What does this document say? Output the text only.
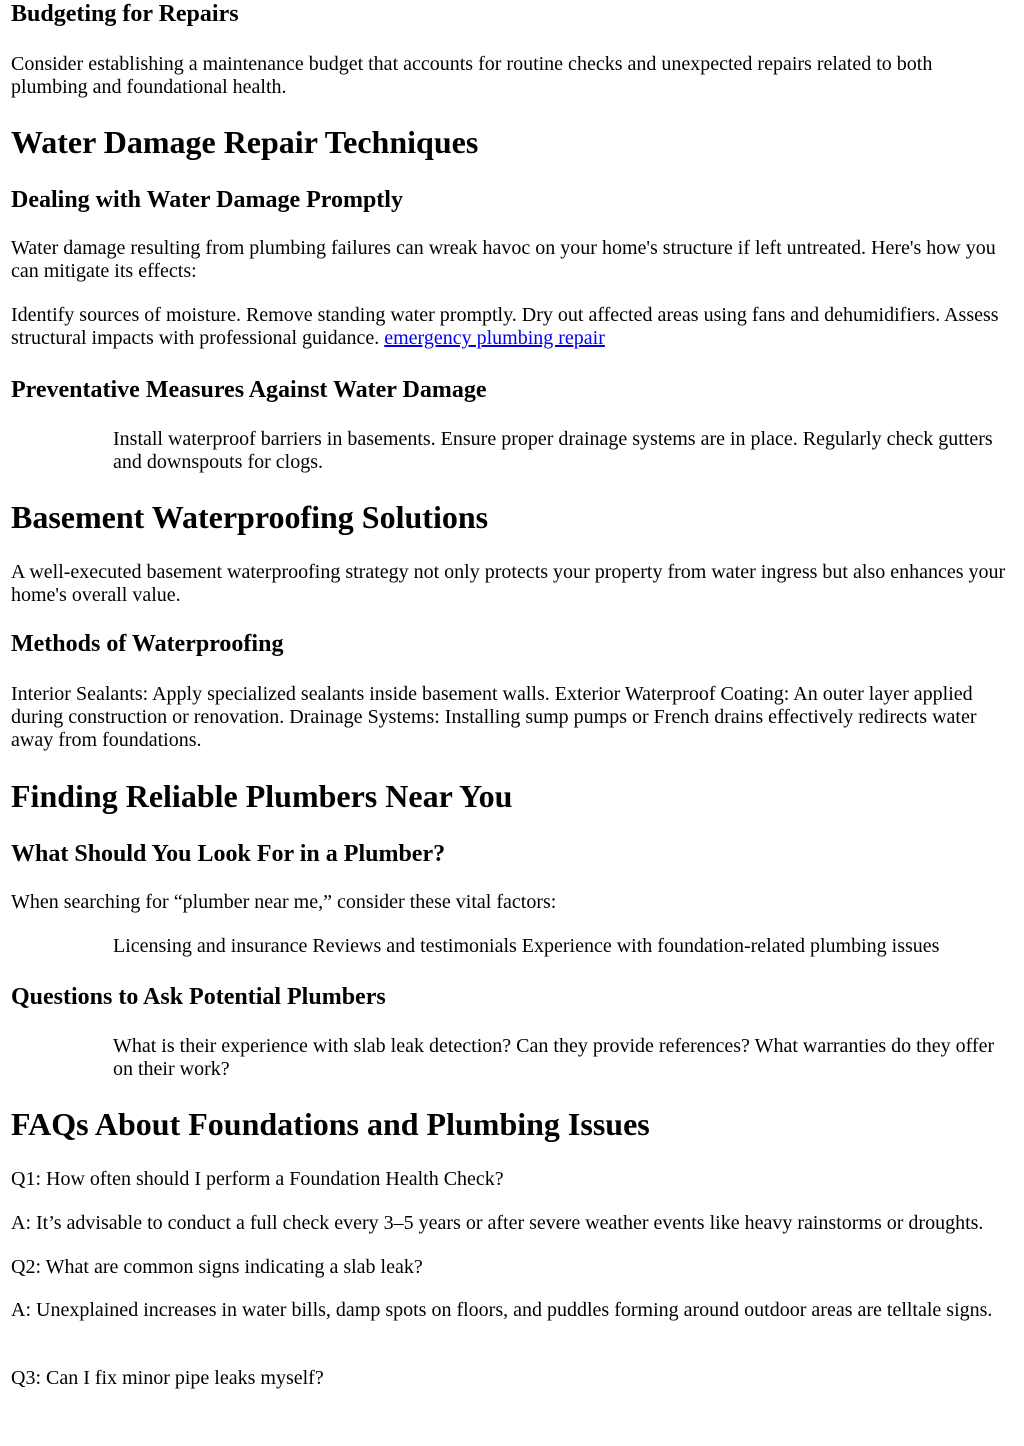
Budgeting for Repairs

Consider establishing a maintenance budget that accounts for routine checks and unexpected repairs related to both plumbing and foundational health.

Water Damage Repair Techniques
Dealing with Water Damage Promptly

Water damage resulting from plumbing failures can wreak havoc on your home's structure if left untreated. Here's how you can mitigate its effects:

Identify sources of moisture. Remove standing water promptly. Dry out affected areas using fans and dehumidifiers. Assess structural impacts with professional guidance. emergency plumbing repair

Preventative Measures Against Water Damage
Install waterproof barriers in basements. Ensure proper drainage systems are in place. Regularly check gutters and downspouts for clogs.
Basement Waterproofing Solutions

A well-executed basement waterproofing strategy not only protects your property from water ingress but also enhances your home's overall value.

Methods of Waterproofing

Interior Sealants: Apply specialized sealants inside basement walls. Exterior Waterproof Coating: An outer layer applied during construction or renovation. Drainage Systems: Installing sump pumps or French drains effectively redirects water away from foundations.

Finding Reliable Plumbers Near You
What Should You Look For in a Plumber?

When searching for “plumber near me,” consider these vital factors:

Licensing and insurance Reviews and testimonials Experience with foundation-related plumbing issues
Questions to Ask Potential Plumbers
What is their experience with slab leak detection? Can they provide references? What warranties do they offer on their work?
FAQs About Foundations and Plumbing Issues

Q1: How often should I perform a Foundation Health Check?

A: It’s advisable to conduct a full check every 3–5 years or after severe weather events like heavy rainstorms or droughts.

Q2: What are common signs indicating a slab leak?

A: Unexplained increases in water bills, damp spots on floors, and puddles forming around outdoor areas are telltale signs.

Q3: Can I fix minor pipe leaks myself?
